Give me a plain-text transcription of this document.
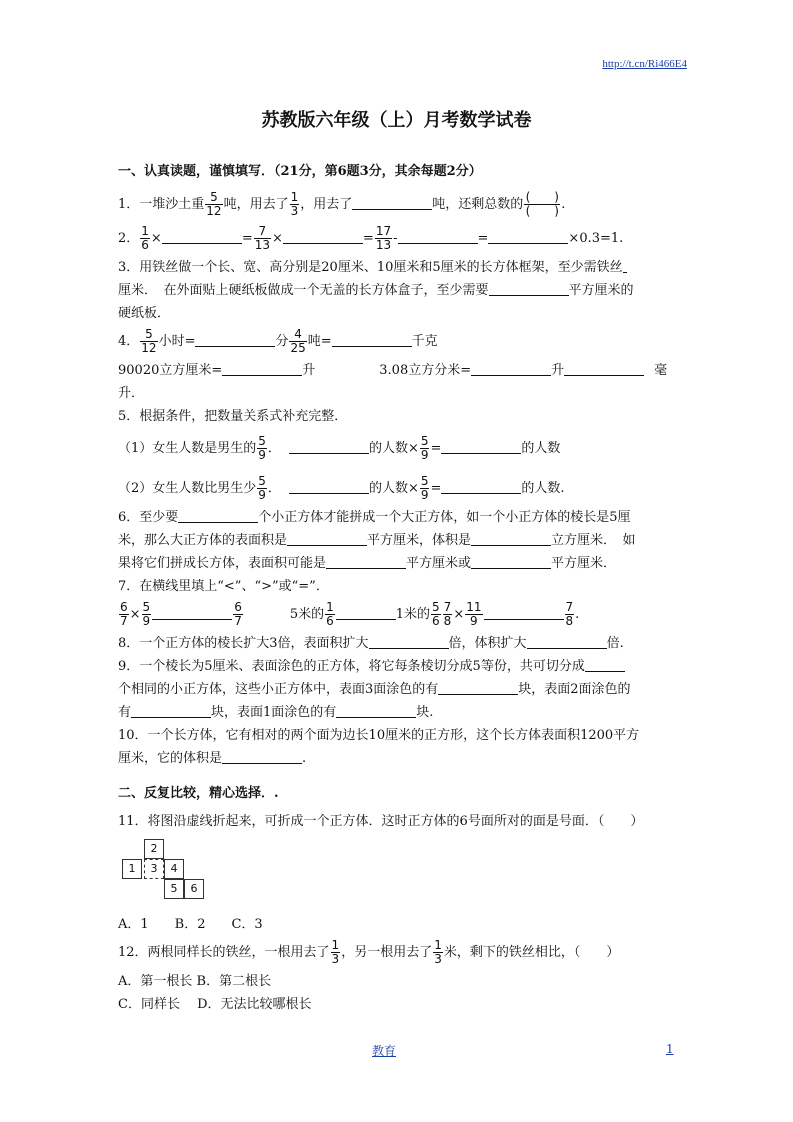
http://t.cn/Ri466E4
苏教版六年级（上）月考数学试卷
一、认真读题，谨慎填写．（21分，第6题3分，其余每题2分）
1．一堆沙土重 $\frac{5}{12}$ 吨，用去了 $\frac{1}{3}$ ，用去了	吨，还剩总数的 $\frac{( )}{( )}$ .
2． $\frac{1}{6}$ ×	= $\frac{7}{13}$ ×	= $\frac{17}{13}$ -	=	×0.3=1.
3．用铁丝做一个长、宽、高分别是20厘米、10厘米和5厘米的长方体框架，至少需铁丝
厘米．　在外面贴上硬纸板做成一个无盖的长方体盒子，至少需要	平方厘米的
硬纸板．
4． $\frac{5}{12}$ 小时=	分 $\frac{4}{25}$ 吨=	千克
90020立方厘米=	升	3.08立方分米=	升	毫
升．
5．根据条件，把数量关系式补充完整．
（1）女生人数是男生的 $\frac{5}{9}$ ．	的人数× $\frac{5}{9}$ =	的人数
（2）女生人数比男生少 $\frac{5}{9}$ ．	的人数× $\frac{5}{9}$ =	的人数.
6．至少要	个小正方体才能拼成一个大正方体，如一个小正方体的棱长是5厘
米，那么大正方体的表面积是	平方厘米，体积是	立方厘米．　如
果将它们拼成长方体，表面积可能是	平方厘米或	平方厘米．
7．在横线里填上“<”、“>”或“=”．
$\frac{6}{7} \times \frac{5}{9}$	$\frac{6}{7}$	5米的 $\frac{1}{6}$	1米的 $\frac{5}{6} \frac{7}{8} \times \frac{11}{9}$	$\frac{7}{8}$ .
8．一个正方体的棱长扩大3倍，表面积扩大	倍，体积扩大	倍.
9．一个棱长为5厘米、表面涂色的正方体，将它每条棱切分成5等份，共可切分成
个相同的小正方体，这些小正方体中，表面3面涂色的有	块，表面2面涂色的
有	块，表面1面涂色的有	块.
10．一个长方体，它有相对的两个面为边长10厘米的正方形，这个长方体表面积1200平方
厘米，它的体积是	.
二、反复比较，精心选择．.
11．将图沿虚线折起来，可折成一个正方体．这时正方体的6号面所对的面是号面．（　　）
2
1	3	4
5	6
A．1　　B．2　　C．3
12．两根同样长的铁丝，一根用去了 $\frac{1}{3}$ ，另一根用去了 $\frac{1}{3}$ 米，剩下的铁丝相比，（　　）
A．第一根长 B．第二根长
C．同样长　 D．无法比较哪根长
教育	1
